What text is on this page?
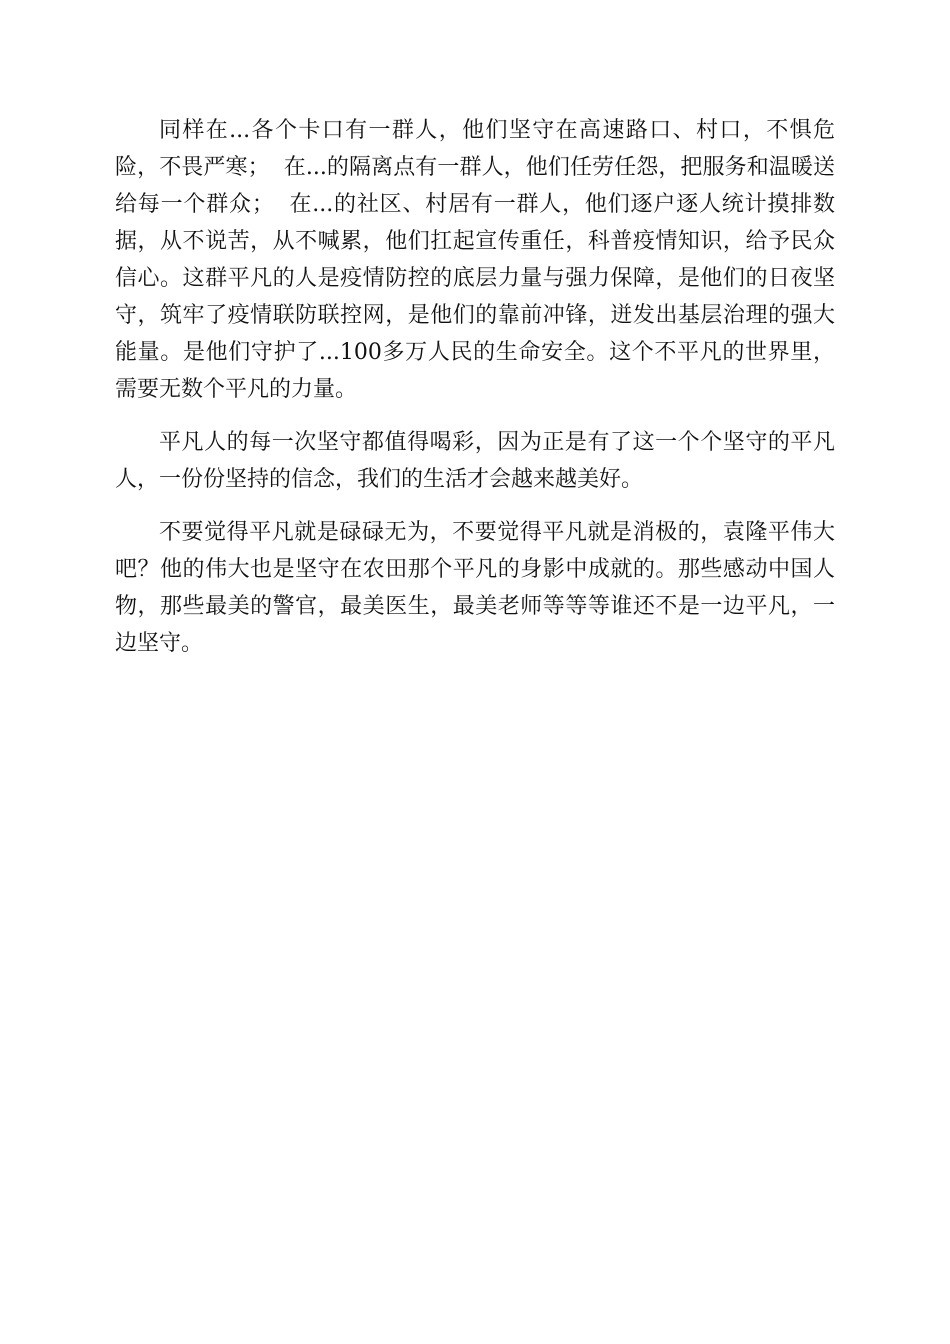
同样在...各个卡口有一群人，他们坚守在高速路口、村口，不惧危险，不畏严寒；  在...的隔离点有一群人，他们任劳任怨，把服务和温暖送给每一个群众；  在...的社区、村居有一群人，他们逐户逐人统计摸排数据，从不说苦，从不喊累，他们扛起宣传重任，科普疫情知识，给予民众信心。这群平凡的人是疫情防控的底层力量与强力保障，是他们的日夜坚守，筑牢了疫情联防联控网，是他们的靠前冲锋，迸发出基层治理的强大能量。是他们守护了...100多万人民的生命安全。这个不平凡的世界里，需要无数个平凡的力量。

平凡人的每一次坚守都值得喝彩，因为正是有了这一个个坚守的平凡人，一份份坚持的信念，我们的生活才会越来越美好。

不要觉得平凡就是碌碌无为，不要觉得平凡就是消极的，袁隆平伟大吧？他的伟大也是坚守在农田那个平凡的身影中成就的。那些感动中国人物，那些最美的警官，最美医生，最美老师等等等谁还不是一边平凡，一边坚守。
